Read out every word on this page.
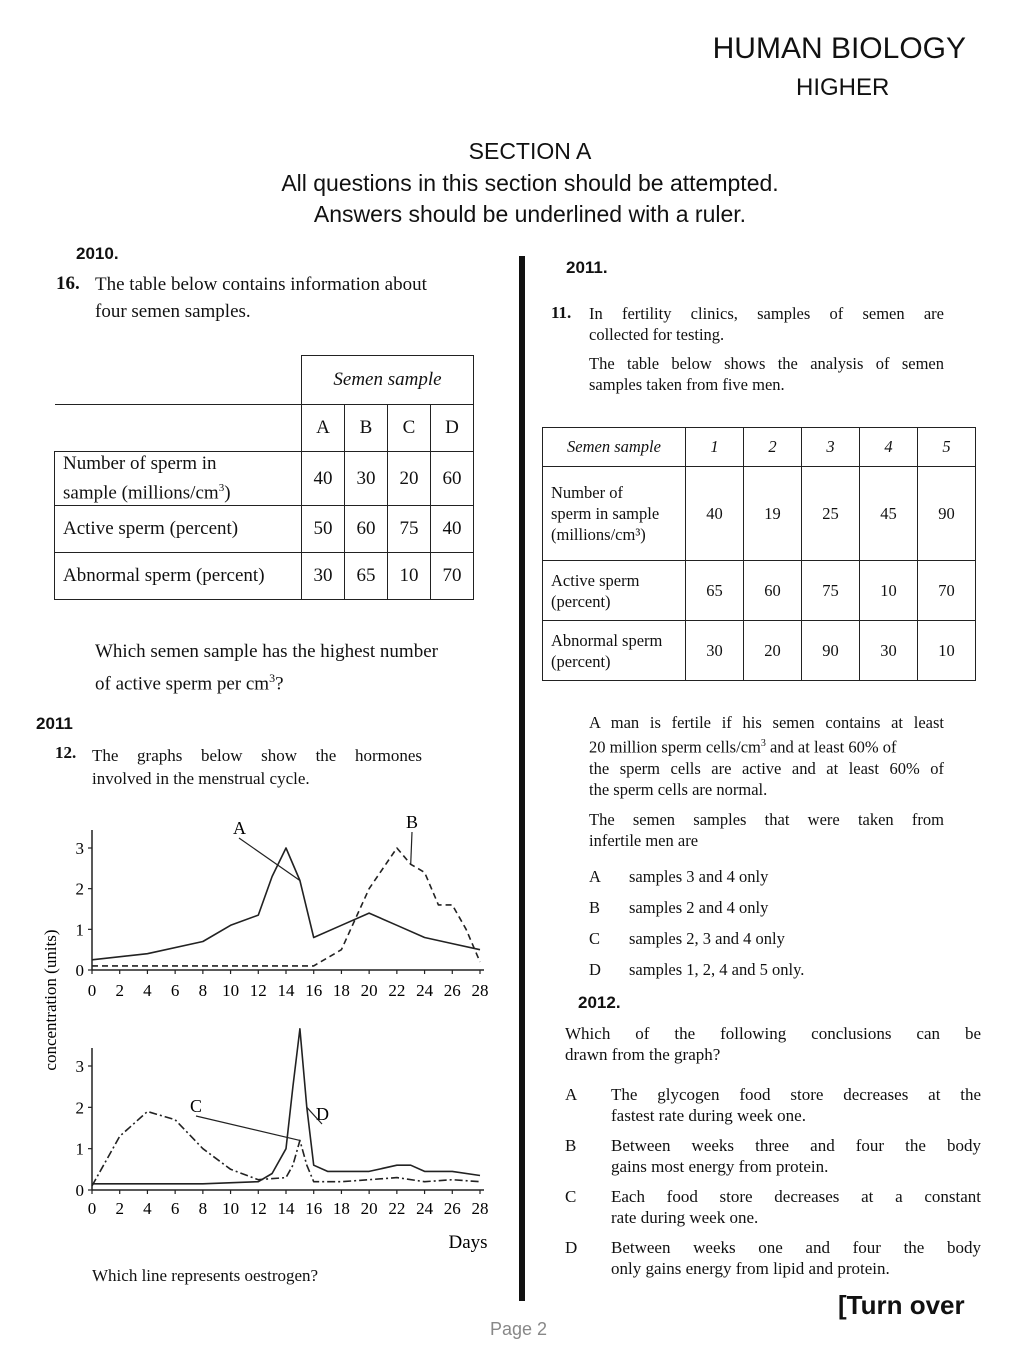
HUMAN BIOLOGY
HIGHER
SECTION A
All questions in this section should be attempted.
Answers should be underlined with a ruler.
2010.
16. The table below contains information about
four semen samples.
	Semen sample			
	A	B	C	D
Number of sperm in
sample $(millions/cm^3)$	40	30	20	60
Active sperm (percent)	50	60	75	40
Abnormal sperm (percent)	30	65	10	70
Which semen sample has the highest number
of active sperm per $cm^3$?
2011
12. The graphs below show the hormones
involved in the menstrual cycle.
0
1
2
3
0 2 4 6 8 10 12 14 16 18 20 22 24 26 28
A	B
0
1
2
3
0 2 4 6 8 10 12 14 16 18 20 22 24 26 28
C	D
concentration (units)
Days
Which line represents oestrogen?
2011.
11. In fertility clinics, samples of semen are
collected for testing.
The table below shows the analysis of semen
samples taken from five men.
Semen sample	1	2	3	4	5

Number of
sperm in sample
(millions/cm³)	40	19	25	45	90

Active sperm
(percent)	65	60	75	10	70

Abnormal sperm
(percent)	30	20	90	30	10
A man is fertile if his semen contains at least
20 million sperm cells/$cm^3$ and at least 60% of
the sperm cells are active and at least 60% of
the sperm cells are normal.
The semen samples that were taken from
infertile men are
A samples 3 and 4 only
B samples 2 and 4 only
C samples 2, 3 and 4 only
D samples 1, 2, 4 and 5 only.
2012.
Which of the following conclusions can be
drawn from the graph?
A	The glycogen food store decreases at the
fastest rate during week one.
B	Between weeks three and four the body
gains most energy from protein.
C	Each food store decreases at a constant
rate during week one.
D	Between weeks one and four the body
only gains energy from lipid and protein.
[Turn over
Page 2
